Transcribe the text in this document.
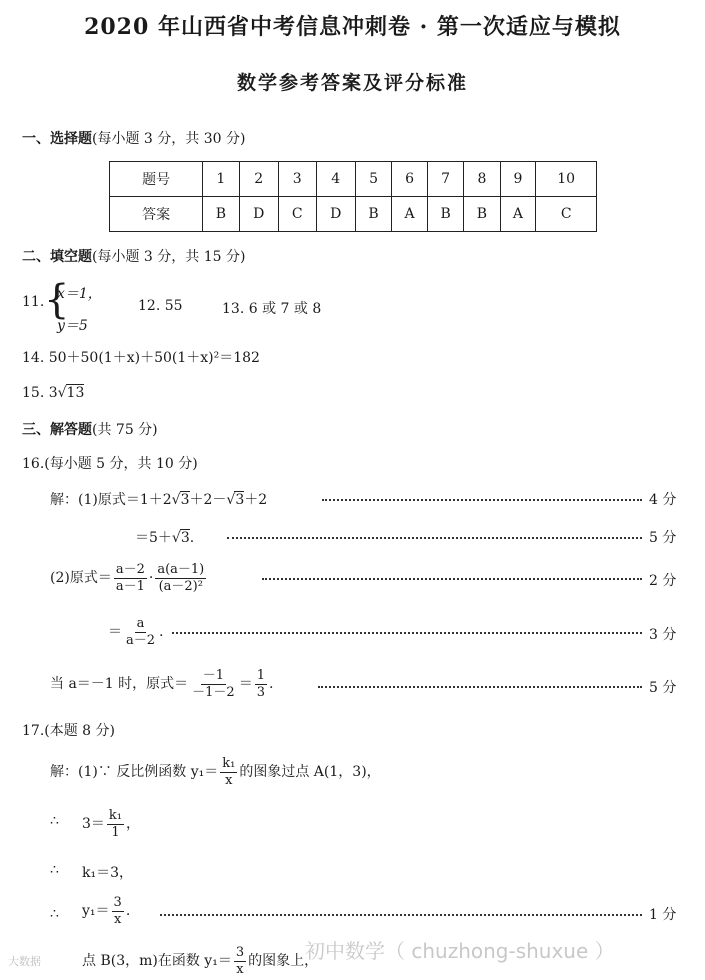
2020 年山西省中考信息冲刺卷 · 第一次适应与模拟
数学参考答案及评分标准
一、选择题(每小题 3 分，共 30 分)
题号	1	2	3	4	5	6	7	8	9	10
答案	B	D	C	D	B	A	B	B	A	C
二、填空题(每小题 3 分，共 15 分)
11. {
x＝1，
y＝5
12. 55	13. 6 或 7 或 8
14. 50＋50(1＋x)＋50(1＋x)²＝182
15. 3√13
三、解答题(共 75 分)
16.(每小题 5 分，共 10 分)
解：(1)原式＝1＋2√3＋2－√3＋2	4 分
＝5＋√3.	5 分
(2)原式＝ $\frac{a-2}{a-1} \cdot \frac{a(a-1)}{\text{(a－2)²}}$	2 分
＝ $\frac{a}{a-2}$ .	3 分
当 a＝－1 时，原式＝ $\frac{-1}{-1-2} = \frac{1}{3}$ .	5 分
17.(本题 8 分)
解：(1)∵ 反比例函数 $y_1= \frac{\text{k₁}}{x}$ 的图象过点 A(1，3)，
∴ $3= \frac{\text{k₁}}{1}$ ，
∴ k₁＝3，
∴ $y_1= \frac{3}{x}$ .	1 分
点 B(3，m)在函数 $y_1= \frac{3}{x}$ 的图象上，
初中数学（ chuzhong-shuxue ）
大数据
